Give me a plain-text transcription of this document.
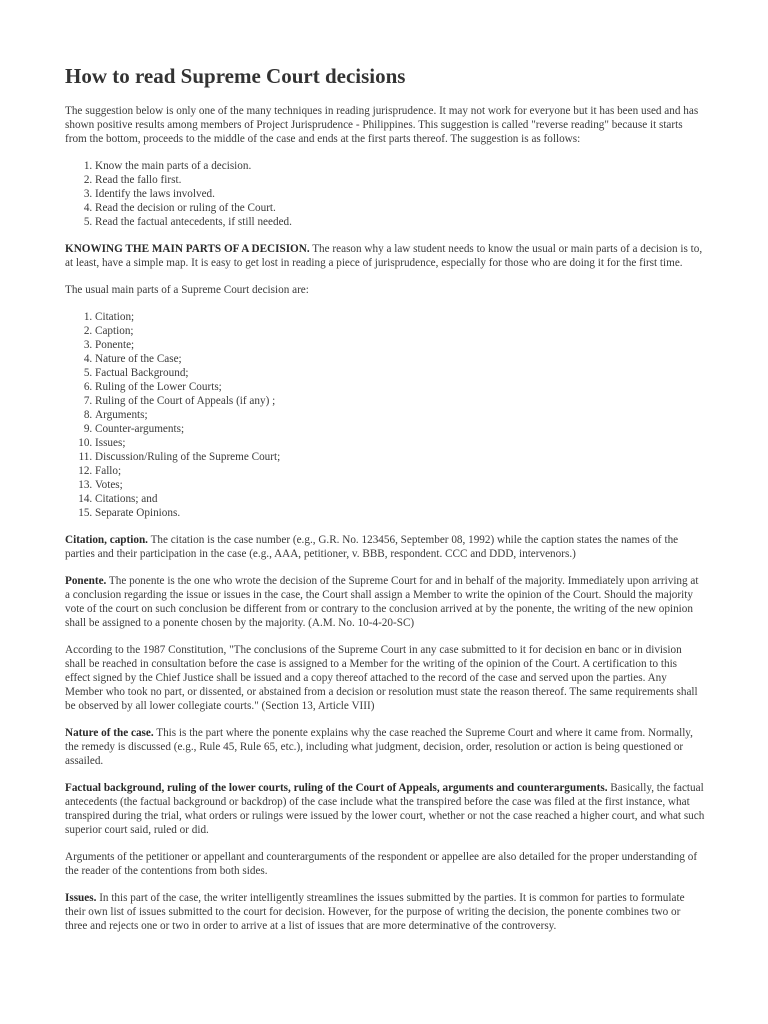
How to read Supreme Court decisions

The suggestion below is only one of the many techniques in reading jurisprudence. It may not work for everyone but it has been used and has shown positive results among members of Project Jurisprudence - Philippines. This suggestion is called "reverse reading" because it starts from the bottom, proceeds to the middle of the case and ends at the first parts thereof. The suggestion is as follows:

1. Know the main parts of a decision.
2. Read the fallo first.
3. Identify the laws involved.
4. Read the decision or ruling of the Court.
5. Read the factual antecedents, if still needed.

KNOWING THE MAIN PARTS OF A DECISION. The reason why a law student needs to know the usual or main parts of a decision is to, at least, have a simple map. It is easy to get lost in reading a piece of jurisprudence, especially for those who are doing it for the first time.

The usual main parts of a Supreme Court decision are:

1. Citation;
2. Caption;
3. Ponente;
4. Nature of the Case;
5. Factual Background;
6. Ruling of the Lower Courts;
7. Ruling of the Court of Appeals (if any) ;
8. Arguments;
9. Counter-arguments;
10. Issues;
11. Discussion/Ruling of the Supreme Court;
12. Fallo;
13. Votes;
14. Citations; and
15. Separate Opinions.

Citation, caption. The citation is the case number (e.g., G.R. No. 123456, September 08, 1992) while the caption states the names of the parties and their participation in the case (e.g., AAA, petitioner, v. BBB, respondent. CCC and DDD, intervenors.)

Ponente. The ponente is the one who wrote the decision of the Supreme Court for and in behalf of the majority. Immediately upon arriving at a conclusion regarding the issue or issues in the case, the Court shall assign a Member to write the opinion of the Court. Should the majority vote of the court on such conclusion be different from or contrary to the conclusion arrived at by the ponente, the writing of the new opinion shall be assigned to a ponente chosen by the majority. (A.M. No. 10-4-20-SC)

According to the 1987 Constitution, "The conclusions of the Supreme Court in any case submitted to it for decision en banc or in division shall be reached in consultation before the case is assigned to a Member for the writing of the opinion of the Court. A certification to this effect signed by the Chief Justice shall be issued and a copy thereof attached to the record of the case and served upon the parties. Any Member who took no part, or dissented, or abstained from a decision or resolution must state the reason thereof. The same requirements shall be observed by all lower collegiate courts." (Section 13, Article VIII)

Nature of the case. This is the part where the ponente explains why the case reached the Supreme Court and where it came from. Normally, the remedy is discussed (e.g., Rule 45, Rule 65, etc.), including what judgment, decision, order, resolution or action is being questioned or assailed.

Factual background, ruling of the lower courts, ruling of the Court of Appeals, arguments and counterarguments. Basically, the factual antecedents (the factual background or backdrop) of the case include what the transpired before the case was filed at the first instance, what transpired during the trial, what orders or rulings were issued by the lower court, whether or not the case reached a higher court, and what such superior court said, ruled or did.

Arguments of the petitioner or appellant and counterarguments of the respondent or appellee are also detailed for the proper understanding of the reader of the contentions from both sides.

Issues. In this part of the case, the writer intelligently streamlines the issues submitted by the parties. It is common for parties to formulate their own list of issues submitted to the court for decision. However, for the purpose of writing the decision, the ponente combines two or three and rejects one or two in order to arrive at a list of issues that are more determinative of the controversy.
